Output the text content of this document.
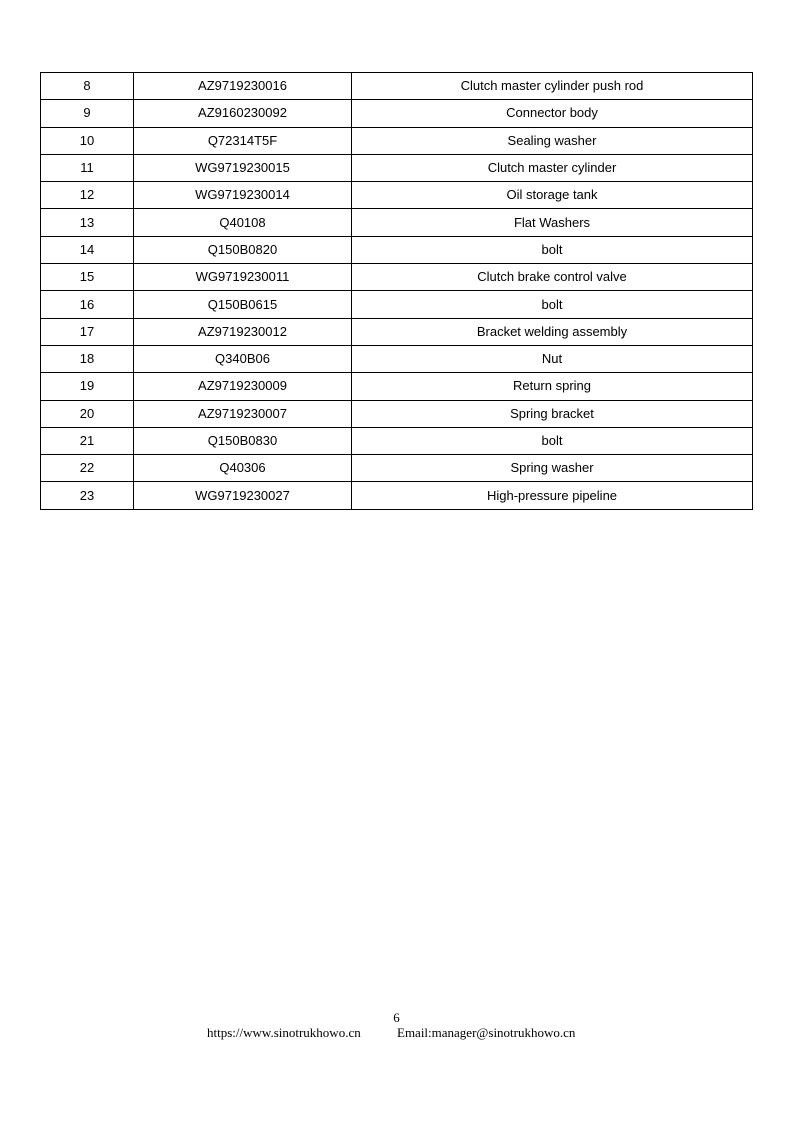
8	AZ9719230016	Clutch master cylinder push rod
9	AZ9160230092	Connector body
10	Q72314T5F	Sealing washer
11	WG9719230015	Clutch master cylinder
12	WG9719230014	Oil storage tank
13	Q40108	Flat Washers
14	Q150B0820	bolt
15	WG9719230011	Clutch brake control valve
16	Q150B0615	bolt
17	AZ9719230012	Bracket welding assembly
18	Q340B06	Nut
19	AZ9719230009	Return spring
20	AZ9719230007	Spring bracket
21	Q150B0830	bolt
22	Q40306	Spring washer
23	WG9719230027	High-pressure pipeline
6
https://www.sinotrukhowo.cn	Email:manager@sinotrukhowo.cn
